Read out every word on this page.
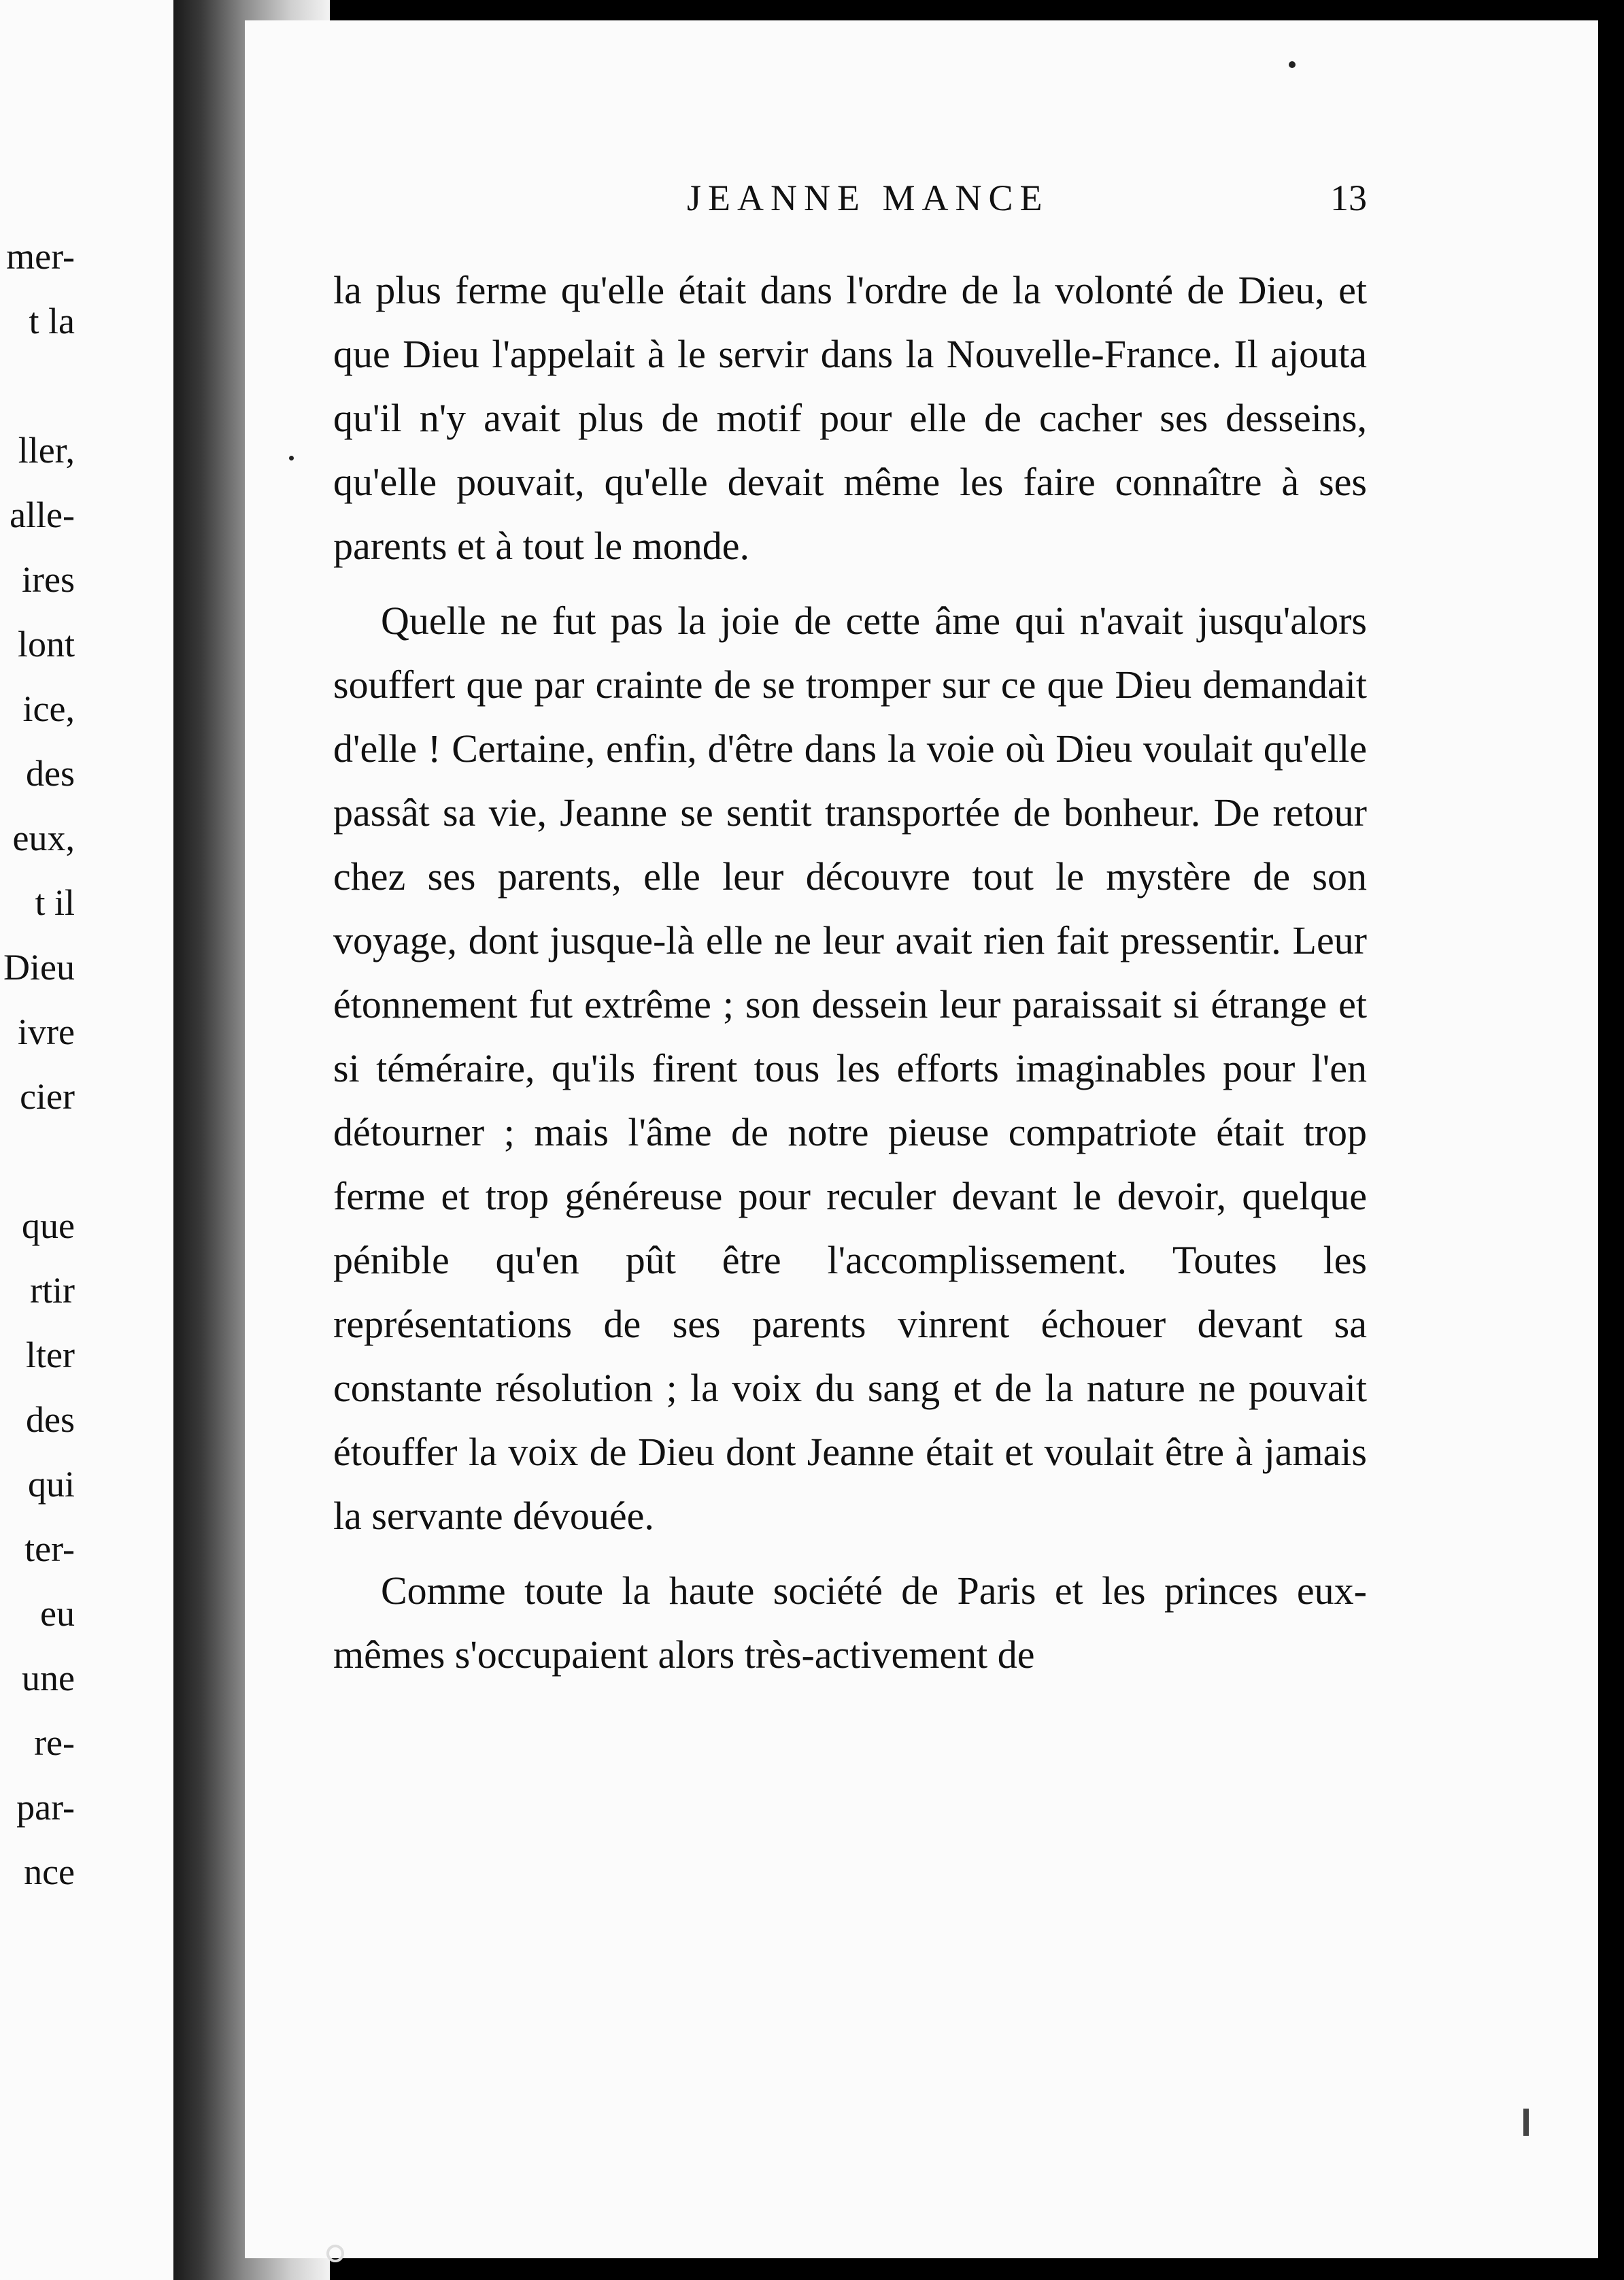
mer-
t la
ller,
alle-
ires
lont
ice,
des
eux,
t il
Dieu
ivre
cier
que
rtir
lter
des
qui
ter-
eu
une
re-
par-
nce
JEANNE MANCE	13

la plus ferme qu'elle était dans l'ordre de la volonté de Dieu, et que Dieu l'appelait à le servir dans la Nouvelle-France. Il ajouta qu'il n'y avait plus de motif pour elle de cacher ses desseins, qu'elle pouvait, qu'elle devait même les faire connaître à ses parents et à tout le monde.

Quelle ne fut pas la joie de cette âme qui n'avait jusqu'alors souffert que par crainte de se tromper sur ce que Dieu demandait d'elle ! Certaine, enfin, d'être dans la voie où Dieu voulait qu'elle passât sa vie, Jeanne se sentit transportée de bonheur. De retour chez ses parents, elle leur découvre tout le mystère de son voyage, dont jusque-là elle ne leur avait rien fait pressentir. Leur étonnement fut extrême ; son dessein leur paraissait si étrange et si téméraire, qu'ils firent tous les efforts imaginables pour l'en détourner ; mais l'âme de notre pieuse compatriote était trop ferme et trop généreuse pour reculer devant le devoir, quelque pénible qu'en pût être l'accomplissement. Toutes les représentations de ses parents vinrent échouer devant sa constante résolution ; la voix du sang et de la nature ne pouvait étouffer la voix de Dieu dont Jeanne était et voulait être à jamais la servante dévouée.

Comme toute la haute société de Paris et les princes eux-mêmes s'occupaient alors très-activement de
